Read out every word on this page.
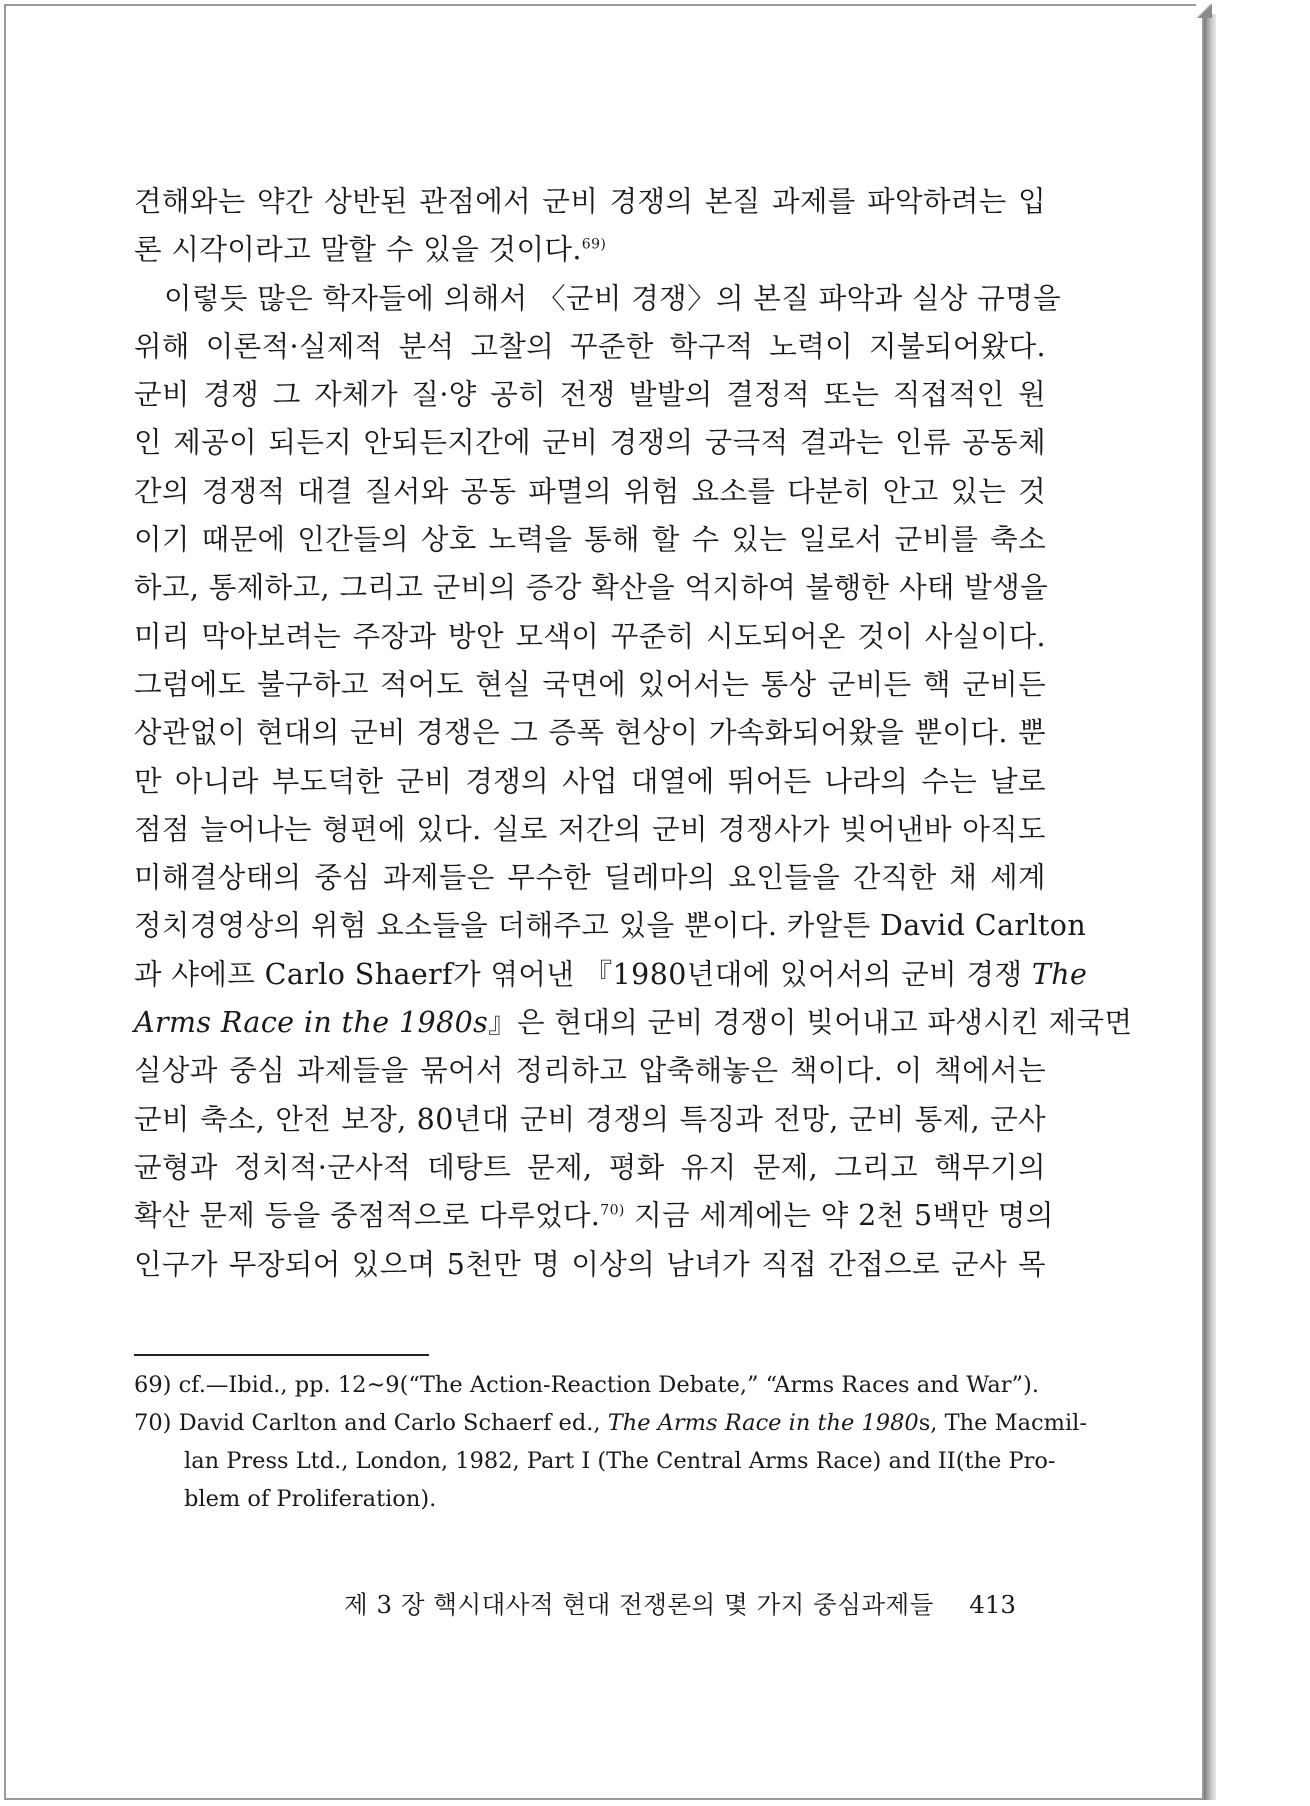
견해와는 약간 상반된 관점에서 군비 경쟁의 본질 과제를 파악하려는 입
론 시각이라고 말할 수 있을 것이다.$^{69)}$
이렇듯 많은 학자들에 의해서 〈군비 경쟁〉의 본질 파악과 실상 규명을
위해 이론적·실제적 분석 고찰의 꾸준한 학구적 노력이 지불되어왔다.
군비 경쟁 그 자체가 질·양 공히 전쟁 발발의 결정적 또는 직접적인 원
인 제공이 되든지 안되든지간에 군비 경쟁의 궁극적 결과는 인류 공동체
간의 경쟁적 대결 질서와 공동 파멸의 위험 요소를 다분히 안고 있는 것
이기 때문에 인간들의 상호 노력을 통해 할 수 있는 일로서 군비를 축소
하고, 통제하고, 그리고 군비의 증강 확산을 억지하여 불행한 사태 발생을
미리 막아보려는 주장과 방안 모색이 꾸준히 시도되어온 것이 사실이다.
그럼에도 불구하고 적어도 현실 국면에 있어서는 통상 군비든 핵 군비든
상관없이 현대의 군비 경쟁은 그 증폭 현상이 가속화되어왔을 뿐이다. 뿐
만 아니라 부도덕한 군비 경쟁의 사업 대열에 뛰어든 나라의 수는 날로
점점 늘어나는 형편에 있다. 실로 저간의 군비 경쟁사가 빚어낸바 아직도
미해결상태의 중심 과제들은 무수한 딜레마의 요인들을 간직한 채 세계
정치경영상의 위험 요소들을 더해주고 있을 뿐이다. 카알튼 David Carlton
과 샤에프 Carlo Shaerf가 엮어낸 『1980년대에 있어서의 군비 경쟁 The
Arms Race in the 1980s』은 현대의 군비 경쟁이 빚어내고 파생시킨 제국면
실상과 중심 과제들을 묶어서 정리하고 압축해놓은 책이다. 이 책에서는
군비 축소, 안전 보장, 80년대 군비 경쟁의 특징과 전망, 군비 통제, 군사
균형과 정치적·군사적 데탕트 문제, 평화 유지 문제, 그리고 핵무기의
확산 문제 등을 중점적으로 다루었다.$^{70)}$ 지금 세계에는 약 2천 5백만 명의
인구가 무장되어 있으며 5천만 명 이상의 남녀가 직접 간접으로 군사 목
69) cf.—Ibid., pp. 12∼9(“The Action-Reaction Debate,” “Arms Races and War”).
70) David Carlton and Carlo Schaerf ed., The Arms Race in the 1980s, The Macmil-
lan Press Ltd., London, 1982, Part I (The Central Arms Race) and II(the Pro-
blem of Proliferation).
제 3 장 핵시대사적 현대 전쟁론의 몇 가지 중심과제들 413
